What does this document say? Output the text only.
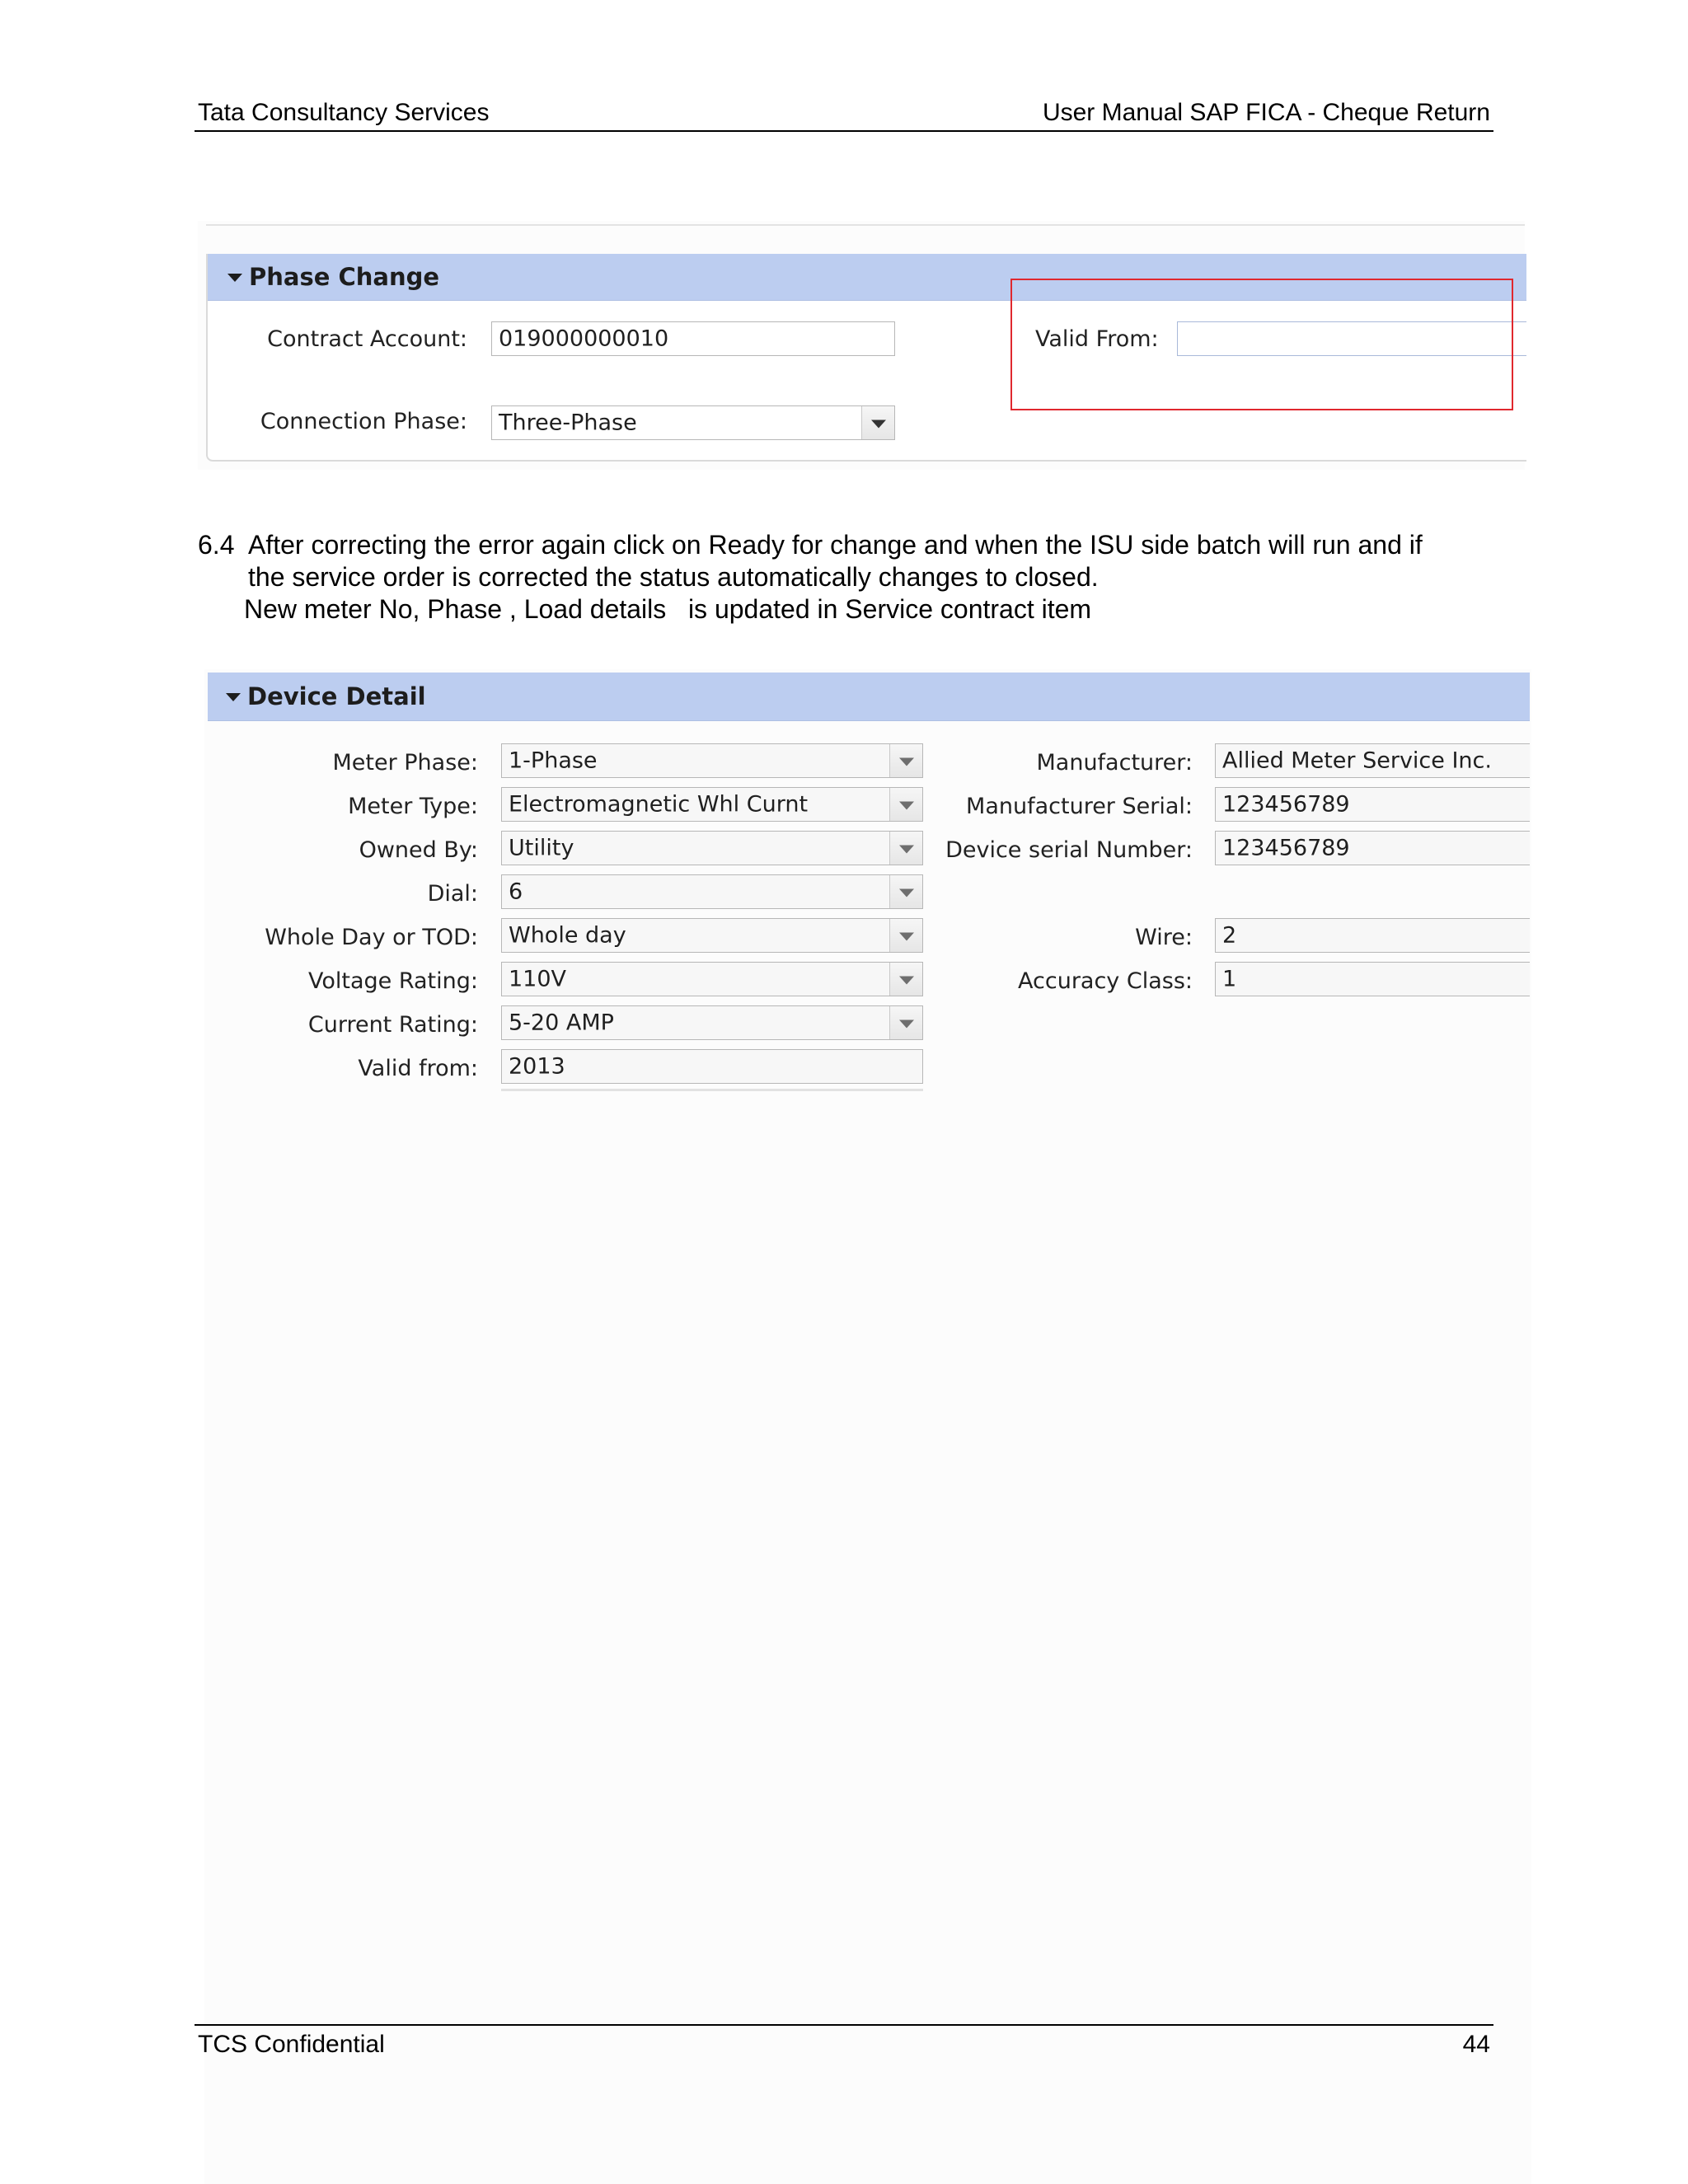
Tata Consultancy Services	User Manual SAP FICA - Cheque Return
Phase Change
Contract Account: 019000000010	Valid From:
Connection Phase: Three-Phase
6.4 After correcting the error again click on Ready for change and when the ISU side batch will run and if
the service order is corrected the status automatically changes to closed.
New meter No, Phase , Load details   is updated in Service contract item
Device Detail
Meter Phase: 1-Phase
Meter Type: Electromagnetic Whl Curnt
Owned By: Utility
Dial: 6
Whole Day or TOD: Whole day
Voltage Rating: 110V
Current Rating: 5-20 AMP
Valid from: 2013
Manufacturer: Allied Meter Service Inc.
Manufacturer Serial: 123456789
Device serial Number: 123456789
Wire: 2
Accuracy Class: 1
TCS Confidential	44
